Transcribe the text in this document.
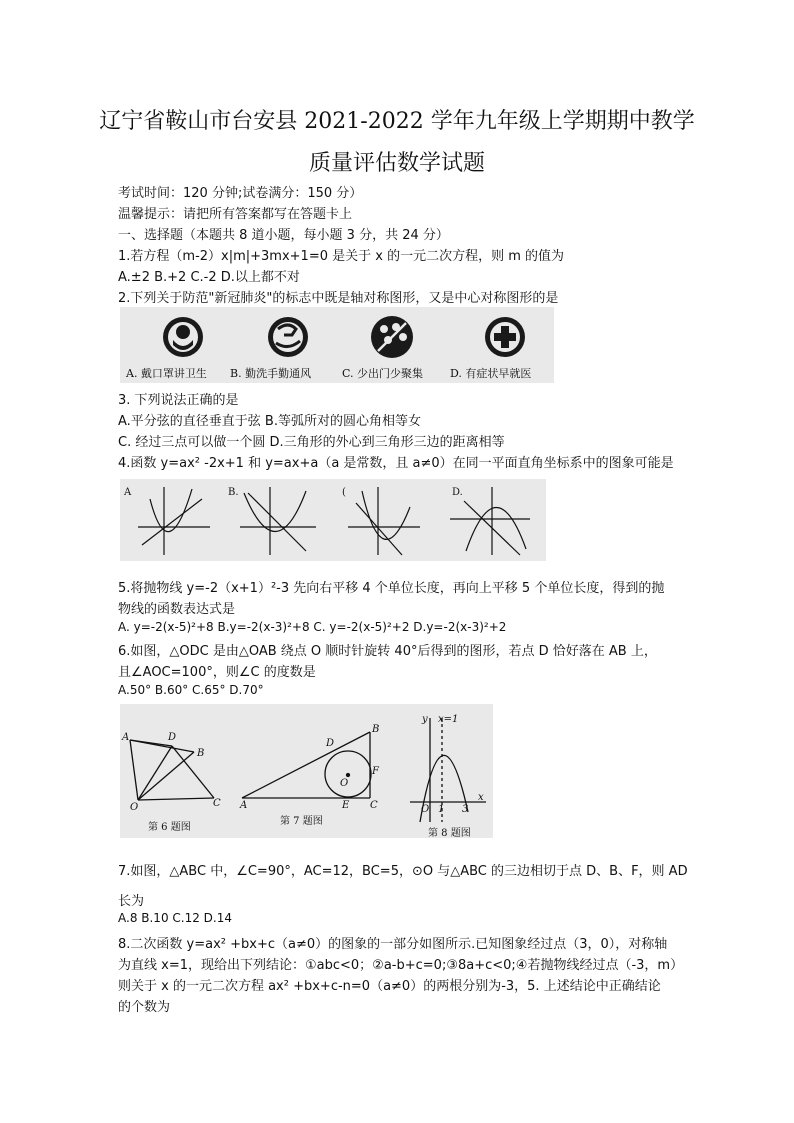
辽宁省鞍山市台安县 2021-2022 学年九年级上学期期中教学
质量评估数学试题
考试时间：120 分钟;试卷满分：150 分）
温馨提示：请把所有答案都写在答题卡上
一、选择题（本题共 8 道小题，每小题 3 分，共 24 分）
1.若方程（m-2）x|m|+3mx+1=0 是关于 x 的一元二次方程，则 m 的值为
A.±2 B.+2 C.-2 D.以上都不对
2.下列关于防范"新冠肺炎"的标志中既是轴对称图形，又是中心对称图形的是
A. 戴口罩讲卫生 B. 勤洗手勤通风	C. 少出门少聚集 D. 有症状早就医
3. 下列说法正确的是
A.平分弦的直径垂直于弦 B.等弧所对的圆心角相等女
C. 经过三点可以做一个圆 D.三角形的外心到三角形三边的距离相等
4.函数 y=ax² -2x+1 和 y=ax+a（a 是常数，且 a≠0）在同一平面直角坐标系中的图象可能是
A	B.	(	D.
5.将抛物线 y=-2（x+1）²-3 先向右平移 4 个单位长度，再向上平移 5 个单位长度，得到的抛
物线的函数表达式是
A. y=-2(x-5)²+8 B.y=-2(x-3)²+8 C. y=-2(x-5)²+2 D.y=-2(x-3)²+2
6.如图，△ODC 是由△OAB 绕点 O 顺时针旋转 40°后得到的图形，若点 D 恰好落在 AB 上，
且∠AOC=100°，则∠C 的度数是
A.50° B.60° C.65° D.70°
A	D
B
O	C
B
D
O
F
A	E C
y x=1
O 1 3
x
第 6 题图
第 7 题图
第 8 题图
7.如图，△ABC 中，∠C=90°，AC=12，BC=5，⊙O 与△ABC 的三边相切于点 D、B、F，则 AD
长为
A.8 B.10 C.12 D.14
8.二次函数 y=ax² +bx+c（a≠0）的图象的一部分如图所示.已知图象经过点（3，0），对称轴
为直线 x=1，现给出下列结论：①abc<0；②a-b+c=0;③8a+c<0;④若抛物线经过点（-3，m）
则关于 x 的一元二次方程 ax² +bx+c-n=0（a≠0）的两根分别为-3，5. 上述结论中正确结论
的个数为
